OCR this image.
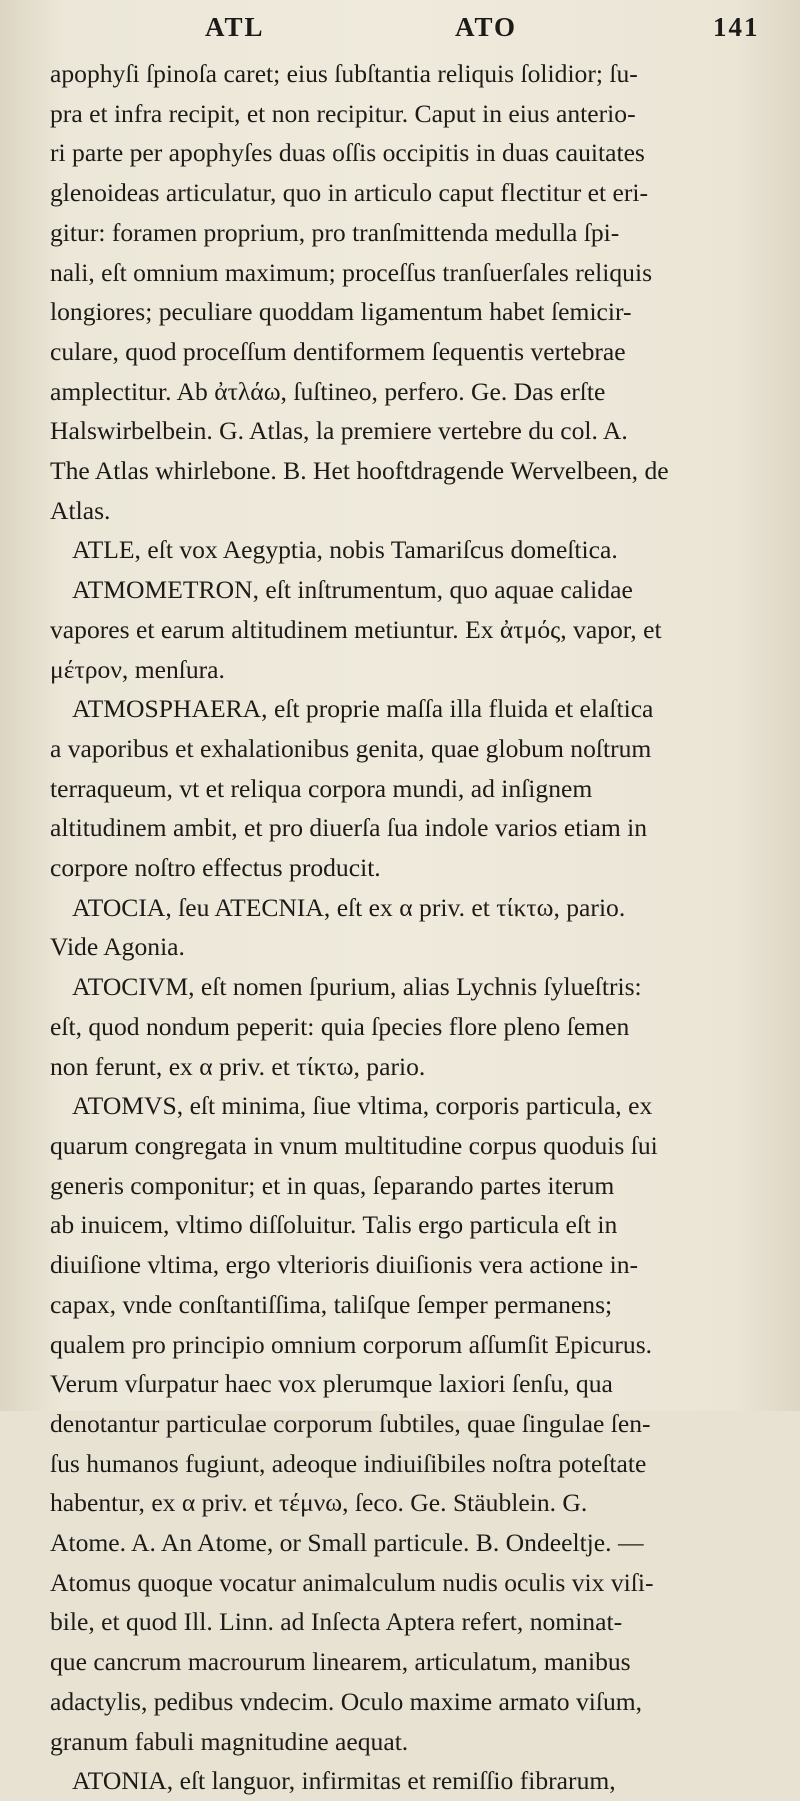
ATL	ATO	141
apophyſi ſpinoſa caret; eius ſubſtantia reliquis ſolidior; ſu-
pra et infra recipit, et non recipitur. Caput in eius anterio-
ri parte per apophyſes duas oſſis occipitis in duas cauitates
glenoideas articulatur, quo in articulo caput flectitur et eri-
gitur: foramen proprium, pro tranſmittenda medulla ſpi-
nali, eſt omnium maximum; proceſſus tranſuerſales reliquis
longiores; peculiare quoddam ligamentum habet ſemicir-
culare, quod proceſſum dentiformem ſequentis vertebrae
amplectitur. Ab ἀτλάω, ſuſtineo, perfero. Ge. Das erſte
Halswirbelbein. G. Atlas, la premiere vertebre du col. A.
The Atlas whirlebone. B. Het hooftdragende Wervelbeen, de
Atlas.
ATLE, eſt vox Aegyptia, nobis Tamariſcus domeſtica.
ATMOMETRON, eſt inſtrumentum, quo aquae calidae
vapores et earum altitudinem metiuntur. Ex ἀτμός, vapor, et
μέτρον, menſura.
ATMOSPHAERA, eſt proprie maſſa illa fluida et elaſtica
a vaporibus et exhalationibus genita, quae globum noſtrum
terraqueum, vt et reliqua corpora mundi, ad inſignem
altitudinem ambit, et pro diuerſa ſua indole varios etiam in
corpore noſtro effectus producit.
ATOCIA, ſeu ATECNIA, eſt ex α priv. et τίκτω, pario.
Vide Agonia.
ATOCIVM, eſt nomen ſpurium, alias Lychnis ſylueſtris:
eſt, quod nondum peperit: quia ſpecies flore pleno ſemen
non ferunt, ex α priv. et τίκτω, pario.
ATOMVS, eſt minima, ſiue vltima, corporis particula, ex
quarum congregata in vnum multitudine corpus quoduis ſui
generis componitur; et in quas, ſeparando partes iterum
ab inuicem, vltimo diſſoluitur. Talis ergo particula eſt in
diuiſione vltima, ergo vlterioris diuiſionis vera actione in-
capax, vnde conſtantiſſima, taliſque ſemper permanens;
qualem pro principio omnium corporum aſſumſit Epicurus.
Verum vſurpatur haec vox plerumque laxiori ſenſu, qua
denotantur particulae corporum ſubtiles, quae ſingulae ſen-
ſus humanos fugiunt, adeoque indiuiſibiles noſtra poteſtate
habentur, ex α priv. et τέμνω, ſeco. Ge. Stäublein. G.
Atome. A. An Atome, or Small particule. B. Ondeeltje. —
Atomus quoque vocatur animalculum nudis oculis vix viſi-
bile, et quod Ill. Linn. ad Inſecta Aptera refert, nominat-
que cancrum macrourum linearem, articulatum, manibus
adactylis, pedibus vndecim. Oculo maxime armato viſum,
granum fabuli magnitudine aequat.
ATONIA, eſt languor, infirmitas et remiſſio fibrarum,
